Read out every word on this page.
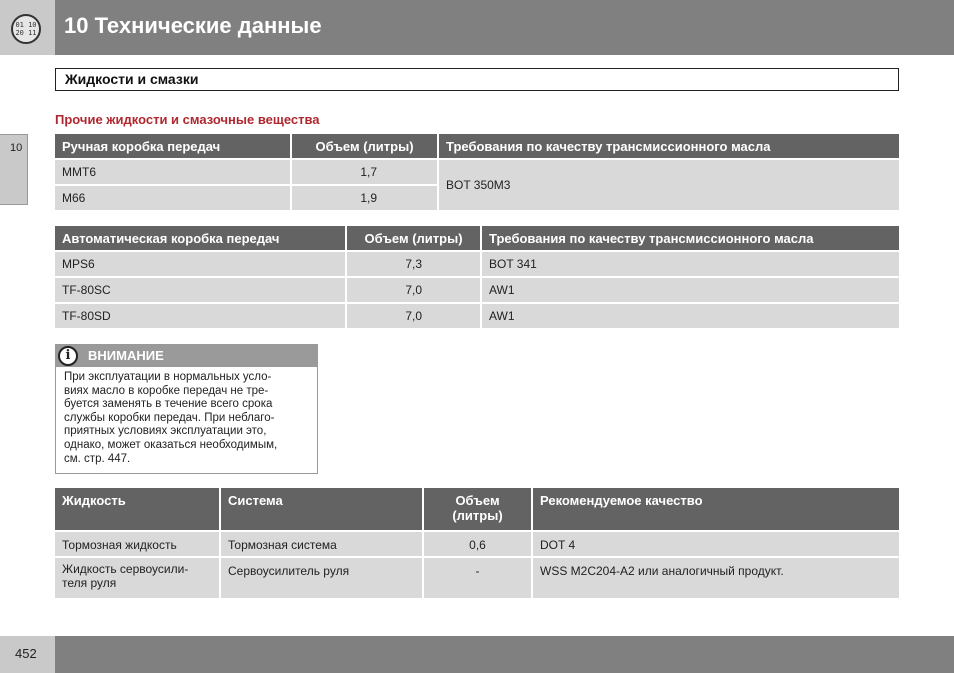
01 10
20 11 10 Технические данные
Жидкости и смазки
Прочие жидкости и смазочные вещества
10	Ручная коробка передач	Объем (литры)	Требования по качеству трансмиссионного масла
MMT6	1,7	BOT 350M3
M66	1,9	
Автоматическая коробка передач	Объем (литры)	Требования по качеству трансмиссионного масла
MPS6	7,3	BOT 341
TF-80SC	7,0	AW1
TF-80SD	7,0	AW1
i	ВНИМАНИЕ
При эксплуатации в нормальных усло-
виях масло в коробке передач не тре-
буется заменять в течение всего срока
службы коробки передач. При неблаго-
приятных условиях эксплуатации это,
однако, может оказаться необходимым,
см. стр. 447.
Жидкость	Система	Объем
(литры)	Рекомендуемое качество
Тормозная жидкость	Тормозная система	0,6	DOT 4
Жидкость сервоусили-
теля руля	Сервоусилитель руля	-	WSS M2C204-A2 или аналогичный продукт.
452
